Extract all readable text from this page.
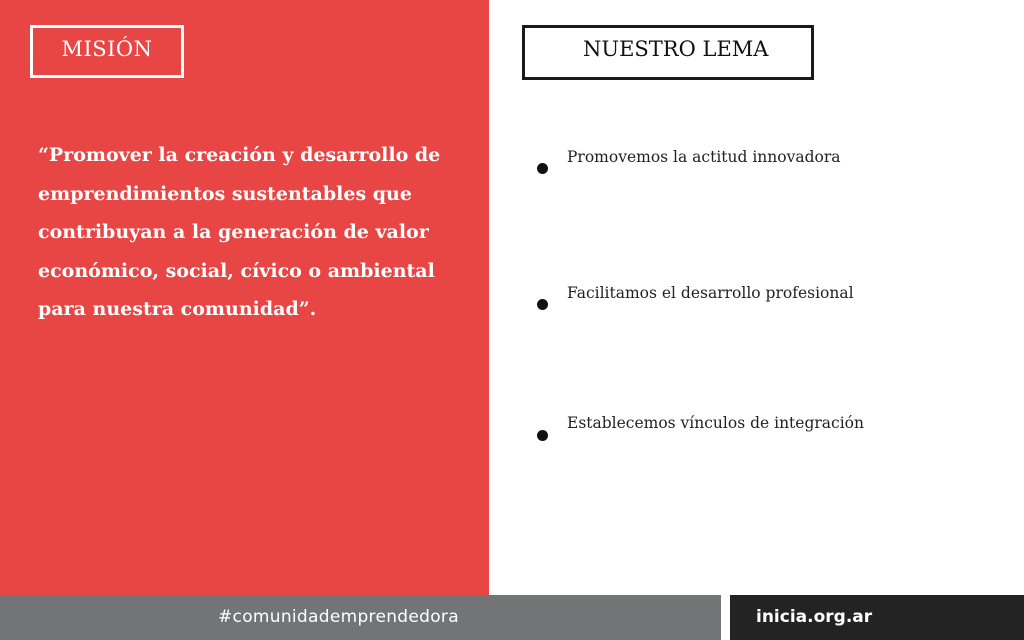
MISIÓN

“Promover la creación y desarrollo de emprendimientos sustentables que contribuyan a la generación de valor económico, social, cívico o ambiental para nuestra comunidad”.

NUESTRO LEMA
Promovemos la actitud innovadora
Facilitamos el desarrollo profesional
Establecemos vínculos de integración
#comunidademprendedora	inicia.org.ar
